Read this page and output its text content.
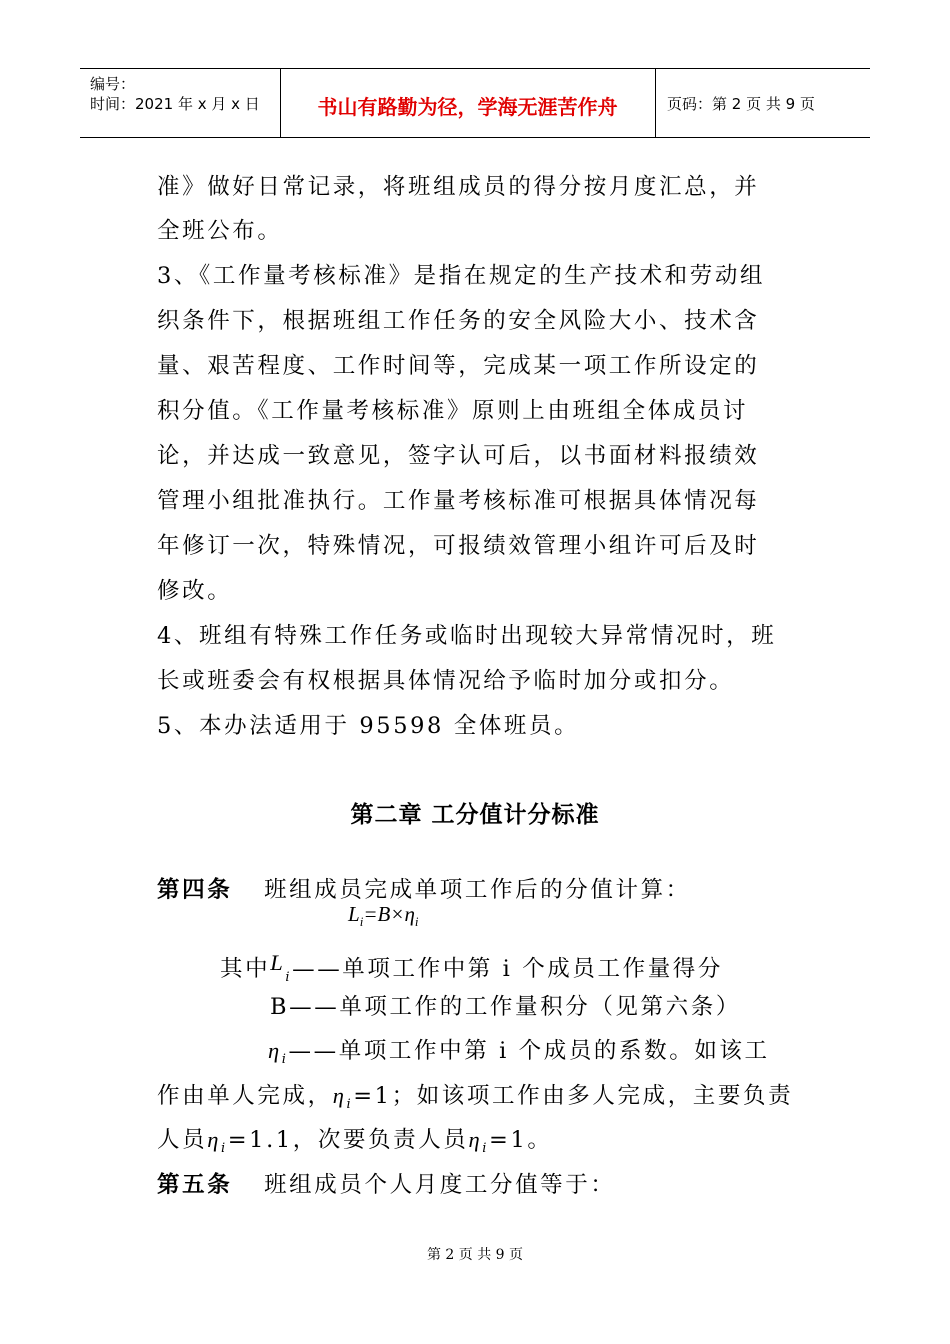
编号：
时间：2021 年 x 月 x 日	书山有路勤为径，学海无涯苦作舟	页码：第 2 页 共 9 页
准》做好日常记录，将班组成员的得分按月度汇总，并
全班公布。
3、《工作量考核标准》是指在规定的生产技术和劳动组
织条件下，根据班组工作任务的安全风险大小、技术含
量、艰苦程度、工作时间等，完成某一项工作所设定的
积分值。《工作量考核标准》原则上由班组全体成员讨
论，并达成一致意见，签字认可后，以书面材料报绩效
管理小组批准执行。工作量考核标准可根据具体情况每
年修订一次，特殊情况，可报绩效管理小组许可后及时
修改。
4、班组有特殊工作任务或临时出现较大异常情况时，班
长或班委会有权根据具体情况给予临时加分或扣分。
5、本办法适用于 95598 全体班员。
第二章 工分值计分标准
第四条 班组成员完成单项工作后的分值计算：
$L_i=B\times\eta_i$
其中$L_i——$单项工作中第 i 个成员工作量得分
B——单项工作的工作量积分（见第六条）
$\eta_i——$单项工作中第 i 个成员的系数。如该工
作由单人完成，$\eta_i=1$；如该项工作由多人完成，主要负责
人员$\eta_i=1.1$，次要负责人员$\eta_i=1$。
第五条 班组成员个人月度工分值等于：
第 2 页 共 9 页
